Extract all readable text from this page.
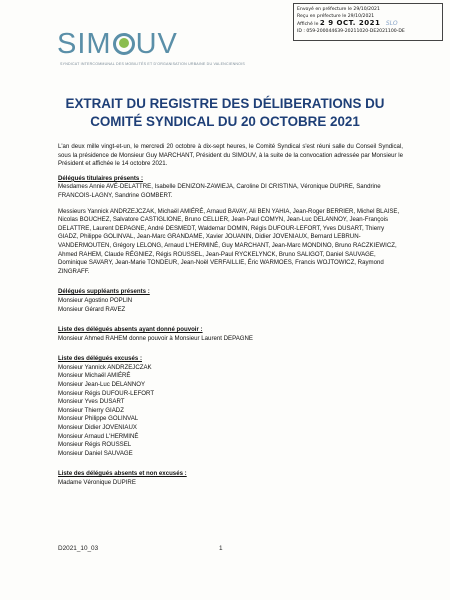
Envoyé en préfecture le 29/10/2021
Reçu en préfecture le 29/10/2021
Affiché le 2 9 OCT. 2021 SLO
ID : 059-200044639-20211020-DE2021100-DE
SIM UV
SYNDICAT INTERCOMMUNAL DES MOBILITÉS ET D'ORGANISATION URBAINE DU VALENCIENNOIS
EXTRAIT DU REGISTRE DES DÉLIBERATIONS DU
COMITÉ SYNDICAL DU 20 OCTOBRE 2021

L'an deux mille vingt-et-un, le mercredi 20 octobre à dix-sept heures, le Comité Syndical s'est réuni salle du Conseil Syndical, sous la présidence de Monsieur Guy MARCHANT, Président du SIMOUV, à la suite de la convocation adressée par Monsieur le Président et affichée le 14 octobre 2021.

Délégués titulaires présents :

Mesdames Annie AVÉ-DELATTRE, Isabelle DENIZON-ZAWIEJA, Caroline DI CRISTINA, Véronique DUPIRE, Sandrine FRANCOIS-LAGNY, Sandrine GOMBERT.

Messieurs Yannick ANDRZEJCZAK, Michaël AMIÉRÉ, Arnaud BAVAY, Ali BEN YAHIA, Jean-Roger BERRIER, Michel BLAISE, Nicolas BOUCHEZ, Salvatore CASTIGLIONE, Bruno CELLIER, Jean-Paul COMYN, Jean-Luc DELANNOY, Jean-François DELATTRE, Laurent DEPAGNE, André DESMEDT, Waldemar DOMIN, Régis DUFOUR-LEFORT, Yves DUSART, Thierry GIADZ, Philippe GOLINVAL, Jean-Marc GRANDAME, Xavier JOUANIN, Didier JOVENIAUX, Bernard LEBRUN-VANDERMOUTEN, Grégory LELONG, Arnaud L'HERMINÉ, Guy MARCHANT, Jean-Marc MONDINO, Bruno RACZKIEWICZ, Ahmed RAHEM, Claude RÉGNIEZ, Régis ROUSSEL, Jean-Paul RYCKELYNCK, Bruno SALIGOT, Daniel SAUVAGE, Dominique SAVARY, Jean-Marie TONDEUR, Jean-Noël VERFAILLIE, Éric WARMOES, Francis WOJTOWICZ, Raymond ZINGRAFF.

Délégués suppléants présents :

Monsieur Agostino POPLIN

Monsieur Gérard RAVEZ

Liste des délégués absents ayant donné pouvoir :

Monsieur Ahmed RAHEM donne pouvoir à Monsieur Laurent DEPAGNE

Liste des délégués excusés :

Monsieur Yannick ANDRZEJCZAK

Monsieur Michaël AMIÉRÉ

Monsieur Jean-Luc DELANNOY

Monsieur Régis DUFOUR-LEFORT

Monsieur Yves DUSART

Monsieur Thierry GIADZ

Monsieur Philippe GOLINVAL

Monsieur Didier JOVENIAUX

Monsieur Arnaud L'HERMINÉ

Monsieur Régis ROUSSEL

Monsieur Daniel SAUVAGE

Liste des délégués absents et non excusés :

Madame Véronique DUPIRE

D2021_10_03	1
